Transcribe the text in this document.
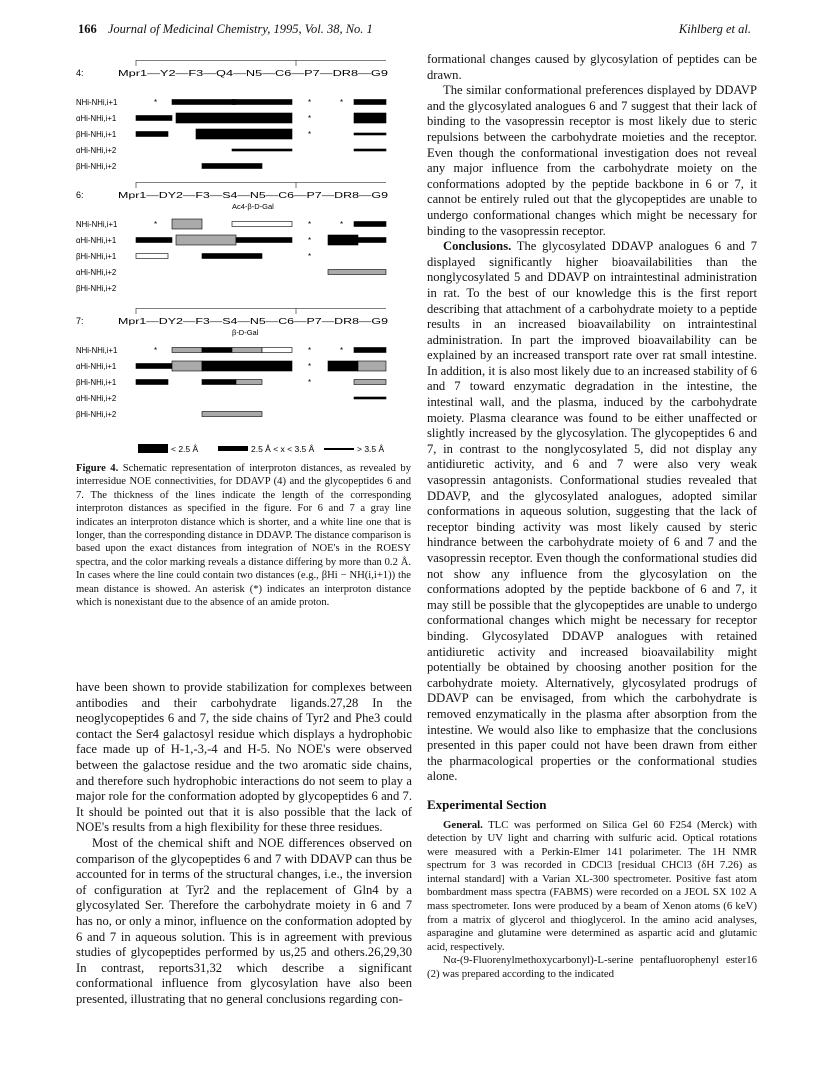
166 Journal of Medicinal Chemistry, 1995, Vol. 38, No. 1	Kihlberg et al.
4:	Mpr1—Y2—F3—Q4—N5—C6—P7—DR8—G9
NHi-NHi,i+1
αHi-NHi,i+1
βHi-NHi,i+1
αHi-NHi,i+2
βHi-NHi,i+2
*	*	*
*
*
6:	Mpr1—DY2—F3—S4—N5—C6—P7—DR8—G9
Ac4-β-D-Gal
NHi-NHi,i+1
αHi-NHi,i+1
βHi-NHi,i+1
αHi-NHi,i+2
βHi-NHi,i+2
*	*	*
*
*
7:	Mpr1—DY2—F3—S4—N5—C6—P7—DR8—G9
β-D-Gal
NHi-NHi,i+1
αHi-NHi,i+1
βHi-NHi,i+1
αHi-NHi,i+2
βHi-NHi,i+2
*	*	*
*
*
< 2.5 Å	2.5 Å < x < 3.5 Å	> 3.5 Å
Figure 4. Schematic representation of interproton distances, as revealed by interresidue NOE connectivities, for DDAVP (4) and the glycopeptides 6 and 7. The thickness of the lines indicate the length of the corresponding interproton distances as specified in the figure. For 6 and 7 a gray line indicates an interproton distance which is shorter, and a white line one that is longer, than the corresponding distance in DDAVP. The distance comparison is based upon the exact distances from integration of NOE's in the ROESY spectra, and the color marking reveals a distance differing by more than 0.2 Å. In cases where the line could contain two distances (e.g., βHi − NH(i,i+1)) the mean distance is showed. An asterisk (*) indicates an interproton distance which is nonexistant due to the absence of an amide proton.

have been shown to provide stabilization for complexes between antibodies and their carbohydrate ligands.27,28 In the neoglycopeptides 6 and 7, the side chains of Tyr2 and Phe3 could contact the Ser4 galactosyl residue which displays a hydrophobic face made up of H-1,-3,-4 and H-5. No NOE's were observed between the galactose residue and the two aromatic side chains, and therefore such hydrophobic interactions do not seem to play a major role for the conformation adopted by glycopeptides 6 and 7. It should be pointed out that it is also possible that the lack of NOE's results from a high flexibility for these three residues.

Most of the chemical shift and NOE differences observed on comparison of the glycopeptides 6 and 7 with DDAVP can thus be accounted for in terms of the structural changes, i.e., the inversion of configuration at Tyr2 and the replacement of Gln4 by a glycosylated Ser. Therefore the carbohydrate moiety in 6 and 7 has no, or only a minor, influence on the conformation adopted by 6 and 7 in aqueous solution. This is in agreement with previous studies of glycopeptides performed by us,25 and others.26,29,30 In contrast, reports31,32 which describe a significant conformational influence from glycosylation have also been presented, illustrating that no general conclusions regarding con-

formational changes caused by glycosylation of peptides can be drawn.

The similar conformational preferences displayed by DDAVP and the glycosylated analogues 6 and 7 suggest that their lack of binding to the vasopressin receptor is most likely due to steric repulsions between the carbohydrate moieties and the receptor. Even though the conformational investigation does not reveal any major influence from the carbohydrate moiety on the conformations adopted by the peptide backbone in 6 or 7, it cannot be entirely ruled out that the glycopeptides are unable to undergo conformational changes which might be necessary for binding to the vasopressin receptor.

Conclusions. The glycosylated DDAVP analogues 6 and 7 displayed significantly higher bioavailabilities than the nonglycosylated 5 and DDAVP on intraintestinal administration in rat. To the best of our knowledge this is the first report describing that attachment of a carbohydrate moiety to a peptide results in an increased bioavailability on intraintestinal administration. In part the improved bioavailability can be explained by an increased transport rate over rat small intestine. In addition, it is also most likely due to an increased stability of 6 and 7 toward enzymatic degradation in the intestine, the intestinal wall, and the plasma, induced by the carbohydrate moiety. Plasma clearance was found to be either unaffected or slightly increased by the glycosylation. The glycopeptides 6 and 7, in contrast to the nonglycosylated 5, did not display any antidiuretic activity, and 6 and 7 were also very weak vasopressin antagonists. Conformational studies revealed that DDAVP, and the glycosylated analogues, adopted similar conformations in aqueous solution, suggesting that the lack of receptor binding activity was most likely caused by steric hindrance between the carbohydrate moiety of 6 and 7 and the vasopressin receptor. Even though the conformational studies did not show any influence from the glycosylation on the conformations adopted by the peptide backbone of 6 and 7, it may still be possible that the glycopeptides are unable to undergo conformational changes which might be necessary for receptor binding. Glycosylated DDAVP analogues with retained antidiuretic activity and increased bioavailability might potentially be obtained by choosing another position for the carbohydrate moiety. Alternatively, glycosylated prodrugs of DDAVP can be envisaged, from which the carbohydrate is removed enzymatically in the plasma after absorption from the intestine. We would also like to emphasize that the conclusions presented in this paper could not have been drawn from either the pharmacological properties or the conformational studies alone.

Experimental Section

General. TLC was performed on Silica Gel 60 F254 (Merck) with detection by UV light and charring with sulfuric acid. Optical rotations were measured with a Perkin-Elmer 141 polarimeter. The 1H NMR spectrum for 3 was recorded in CDCl3 [residual CHCl3 (δH 7.26) as internal standard] with a Varian XL-300 spectrometer. Positive fast atom bombardment mass spectra (FABMS) were recorded on a JEOL SX 102 A mass spectrometer. Ions were produced by a beam of Xenon atoms (6 keV) from a matrix of glycerol and thioglycerol. In the amino acid analyses, asparagine and glutamine were determined as aspartic acid and glutamic acid, respectively.

Nα-(9-Fluorenylmethoxycarbonyl)-L-serine pentafluorophenyl ester16 (2) was prepared according to the indicated
